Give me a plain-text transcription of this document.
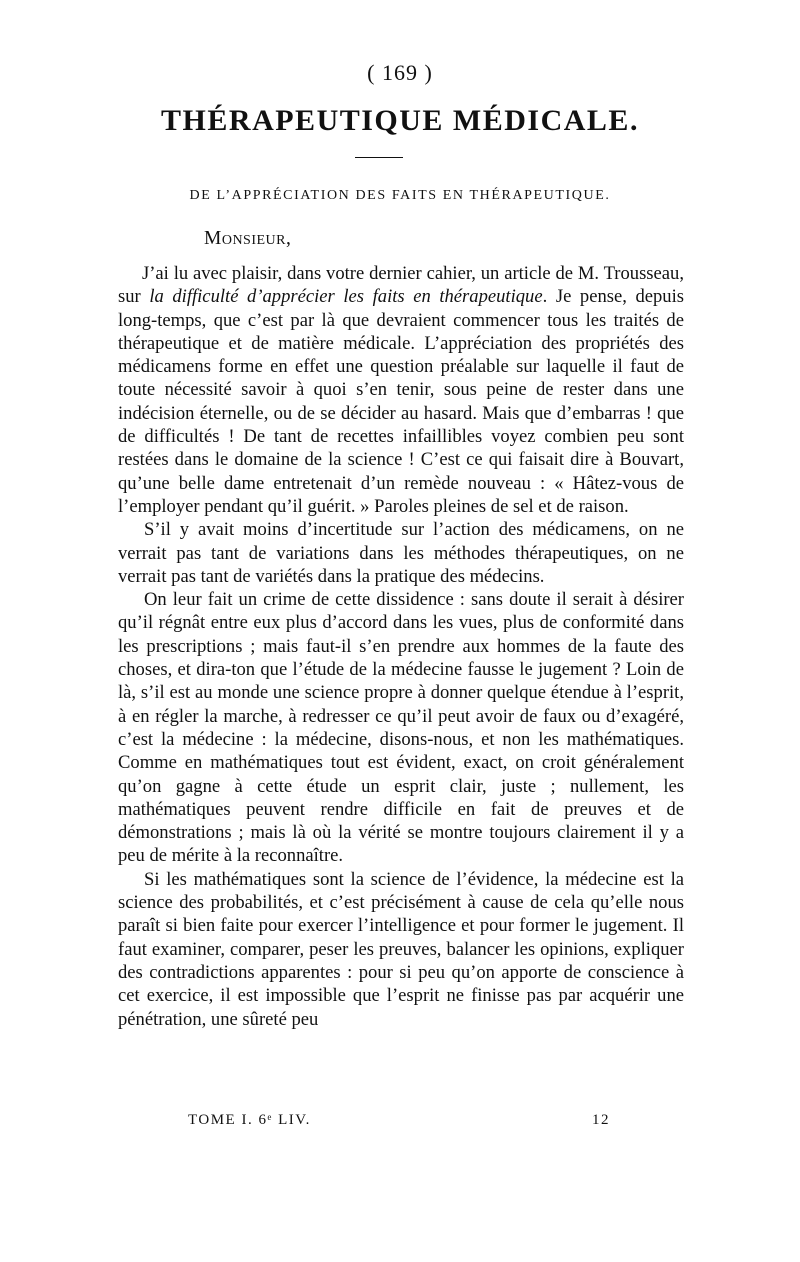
( 169 )
THÉRAPEUTIQUE MÉDICALE.
DE L’APPRÉCIATION DES FAITS EN THÉRAPEUTIQUE.
Monsieur,

J’ai lu avec plaisir, dans votre dernier cahier, un article de M. Trousseau, sur la difficulté d’apprécier les faits en thérapeutique. Je pense, depuis long-temps, que c’est par là que devraient commencer tous les traités de thérapeutique et de matière médicale. L’appréciation des propriétés des médicamens forme en effet une question préalable sur laquelle il faut de toute nécessité savoir à quoi s’en tenir, sous peine de rester dans une indécision éternelle, ou de se décider au hasard. Mais que d’embarras ! que de difficultés ! De tant de recettes infaillibles voyez combien peu sont restées dans le domaine de la science ! C’est ce qui faisait dire à Bouvart, qu’une belle dame entretenait d’un remède nouveau : « Hâtez-vous de l’employer pendant qu’il guérit. » Paroles pleines de sel et de raison.

S’il y avait moins d’incertitude sur l’action des médicamens, on ne verrait pas tant de variations dans les méthodes thérapeutiques, on ne verrait pas tant de variétés dans la pratique des médecins.

On leur fait un crime de cette dissidence : sans doute il serait à désirer qu’il régnât entre eux plus d’accord dans les vues, plus de conformité dans les prescriptions ; mais faut-il s’en prendre aux hommes de la faute des choses, et dira-ton que l’étude de la médecine fausse le jugement ? Loin de là, s’il est au monde une science propre à donner quelque étendue à l’esprit, à en régler la marche, à redresser ce qu’il peut avoir de faux ou d’exagéré, c’est la médecine : la médecine, disons-nous, et non les mathématiques. Comme en mathématiques tout est évident, exact, on croit généralement qu’on gagne à cette étude un esprit clair, juste ; nullement, les mathématiques peuvent rendre difficile en fait de preuves et de démonstrations ; mais là où la vérité se montre toujours clairement il y a peu de mérite à la reconnaître.

Si les mathématiques sont la science de l’évidence, la médecine est la science des probabilités, et c’est précisément à cause de cela qu’elle nous paraît si bien faite pour exercer l’intelligence et pour former le jugement. Il faut examiner, comparer, peser les preuves, balancer les opinions, expliquer des contradictions apparentes : pour si peu qu’on apporte de conscience à cet exercice, il est impossible que l’esprit ne finisse pas par acquérir une pénétration, une sûreté peu

TOME I. 6ᵉ LIV.	12
